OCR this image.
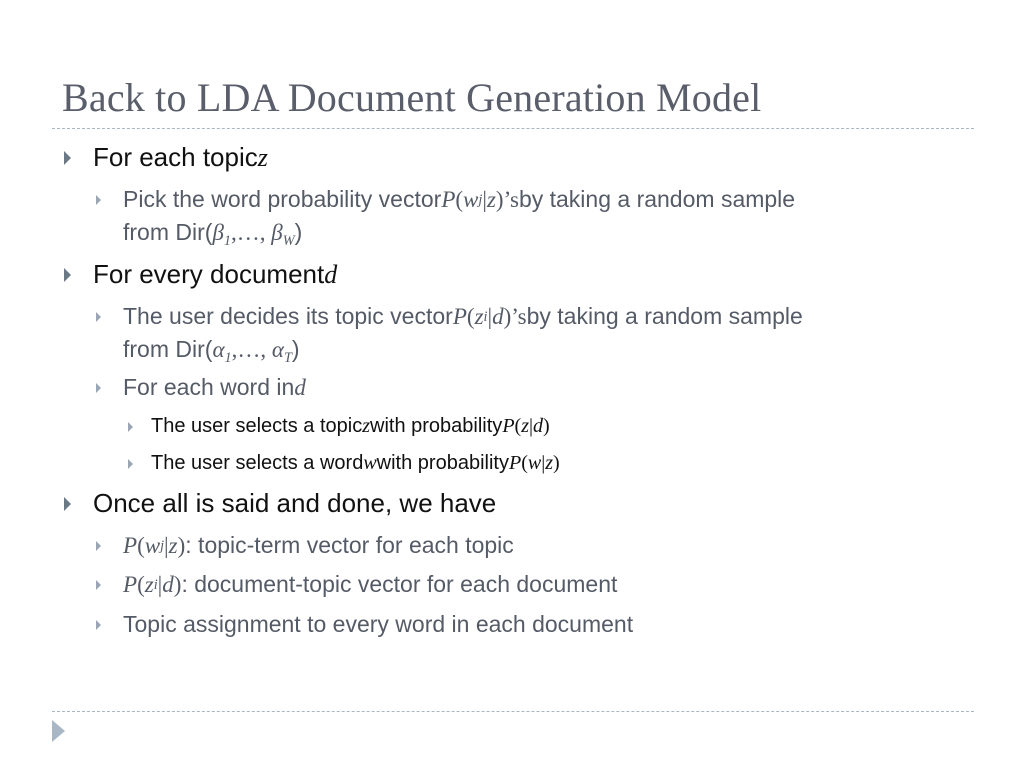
Back to LDA Document Generation Model
For each topic z
Pick the word probability vector P ( w j | z ) ’s by taking a random sample
from $Dir(\beta_1,\dots$, $\beta_W$)
For every document d
The user decides its topic vector P ( z i | d ) ’s by taking a random sample
from $Dir(\alpha_1,\dots$, $\alpha_T$)
For each word in d
The user selects a topic z with probability P ( z | d )
The user selects a word w with probability P ( w | z )
Once all is said and done, we have
P ( w j | z ) : topic-term vector for each topic
P ( z i | d ) : document-topic vector for each document
Topic assignment to every word in each document
